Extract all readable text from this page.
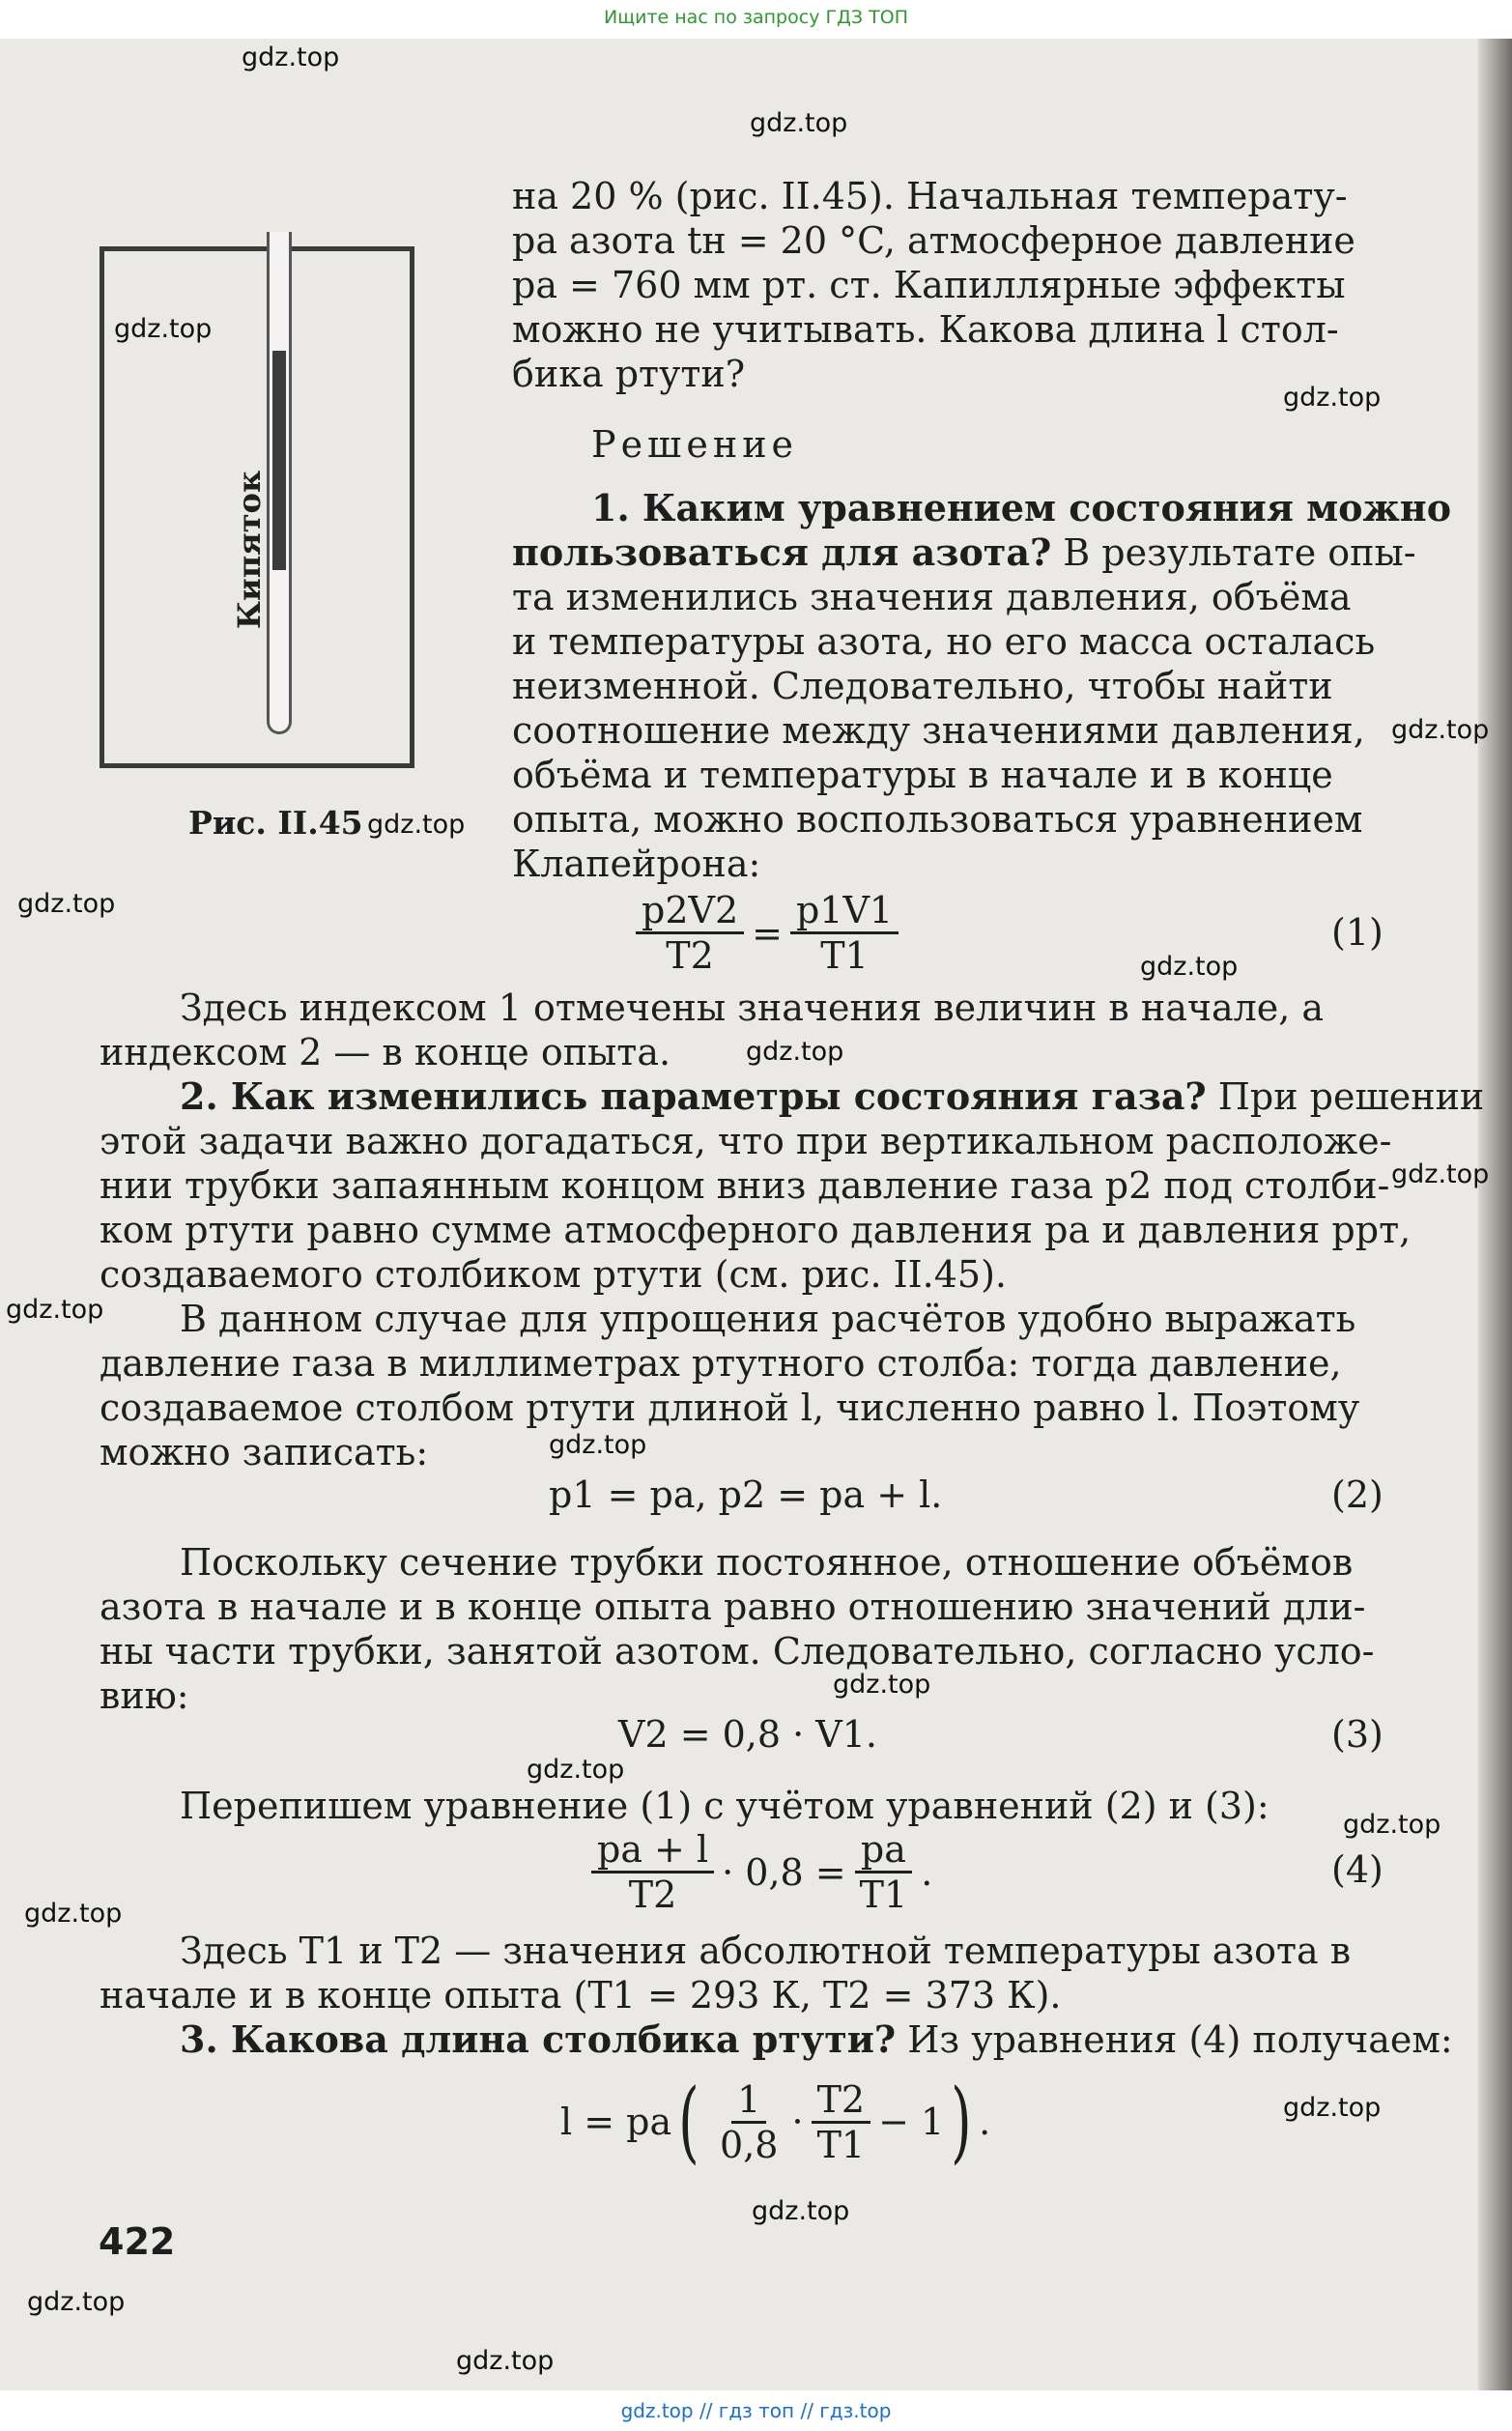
Ищите нас по запросу ГДЗ ТОП
gdz.top
gdz.top
gdz.top
gdz.top
gdz.top
gdz.top
gdz.top
gdz.top
gdz.top
gdz.top
gdz.top
gdz.top
gdz.top
gdz.top
gdz.top
gdz.top
gdz.top
gdz.top
gdz.top
gdz.top
Кипяток
Рис. II.45
на 20 % (рис. II.45). Начальная температу-
ра азота tн = 20 °C, атмосферное давление
pа = 760 мм рт. ст. Капиллярные эффекты
можно не учитывать. Какова длина l стол-
бика ртути?
Решение
1. Каким уравнением состояния можно
пользоваться для азота? В результате опы-
та изменились значения давления, объёма
и температуры азота, но его масса осталась
неизменной. Следовательно, чтобы найти
соотношение между значениями давления,
объёма и температуры в начале и в конце
опыта, можно воспользоваться уравнением
Клапейрона:
$\frac{p2V2}{T2} = \frac{p1V1}{T1}$	(1)
Здесь индексом 1 отмечены значения величин в начале, а
индексом 2 — в конце опыта.
2. Как изменились параметры состояния газа? При решении
этой задачи важно догадаться, что при вертикальном расположе-
нии трубки запаянным концом вниз давление газа p2 под столби-
ком ртути равно сумме атмосферного давления pа и давления pрт,
создаваемого столбиком ртути (см. рис. II.45).
В данном случае для упрощения расчётов удобно выражать
давление газа в миллиметрах ртутного столба: тогда давление,
создаваемое столбом ртути длиной l, численно равно l. Поэтому
можно записать:
p1 = pа, p2 = pа + l.	(2)
Поскольку сечение трубки постоянное, отношение объёмов
азота в начале и в конце опыта равно отношению значений дли-
ны части трубки, занятой азотом. Следовательно, согласно усло-
вию:
V2 = 0,8 · V1.	(3)
Перепишем уравнение (1) с учётом уравнений (2) и (3):
$\frac{pа + l}{T2} \cdot 0,8 = \frac{pа}{T1}$ .	(4)
Здесь T1 и T2 — значения абсолютной температуры азота в
начале и в конце опыта (T1 = 293 К, T2 = 373 К).
3. Какова длина столбика ртути? Из уравнения (4) получаем:
l = pа ( $\frac{1}{0,8} \cdot \frac{T2}{T1} - 1$ ) .
422
gdz.top // гдз топ // гдз.top
